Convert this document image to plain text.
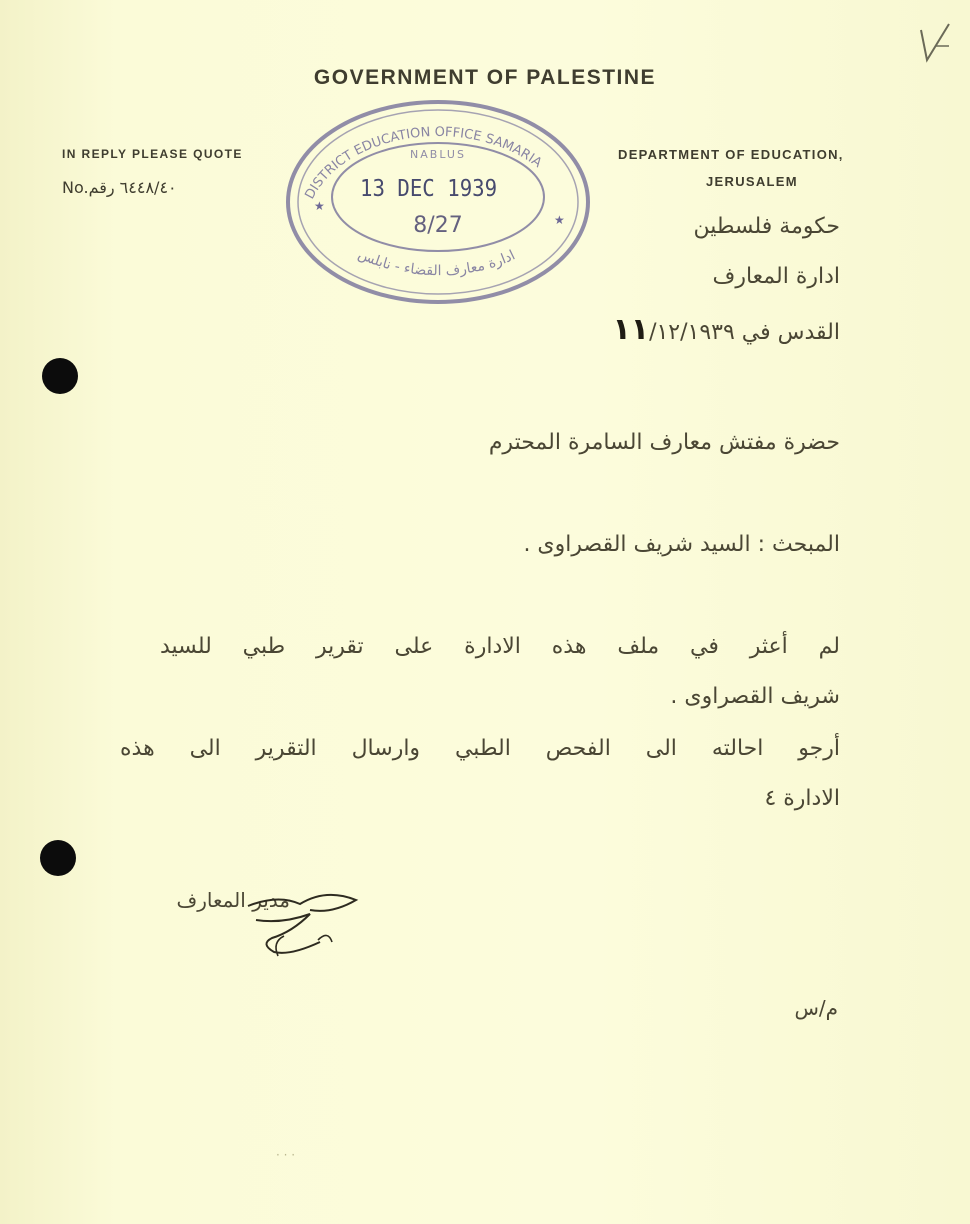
GOVERNMENT OF PALESTINE
IN REPLY PLEASE QUOTE
No.٦٤٤٨/٤٠ رقم
DEPARTMENT OF EDUCATION,
JERUSALEM
DISTRICT EDUCATION OFFICE SAMARIA
ادارة معارف القضاء - نابلس
NABLUS
8/27
★
★
13 DEC 1939
حكومة فلسطين
ادارة المعارف
القدس في ١١/١٢/١٩٣٩
حضرة مفتش معارف السامرة المحترم
المبحث : السيد شريف القصراوى .
لم أعثر في ملف هذه الادارة على تقرير طبي للسيد
شريف القصراوى .
أرجو احالته الى الفحص الطبي وارسال التقرير الى هذه
الادارة ٤
مدير المعارف
م/س
· · ·
